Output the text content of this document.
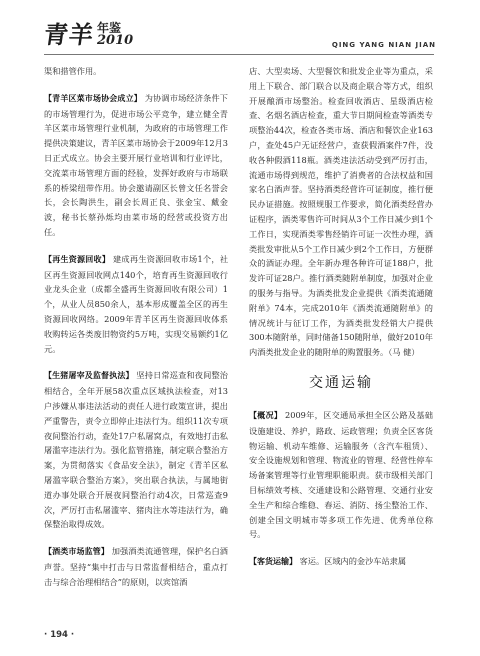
青羊 年鉴
2010	QING YANG NIAN JIAN

渠和措管作用。

【青羊区菜市场协会成立】 为协调市场经济条件下的市场管理行为，促进市场公平竞争，建立健全青羊区菜市场管理行业机制，为政府的市场管理工作提供决策建议，青羊区菜市场协会于2009年12月3日正式成立。协会主要开展行业培训和行业评比，交流菜市场管理方面的经验，发挥好政府与市场联系的桥梁纽带作用。协会邀请副区长曾文任名誉会长，会长陶洪生，副会长周正良、张金宝、戴金波，秘书长蔡孙烁均由菜市场的经营或投资方出任。

【再生资源回收】 建成再生资源回收市场1个，社区再生资源回收网点140个，培育再生资源回收行业龙头企业（成都全盛再生资源回收有限公司）1个，从业人员850余人，基本形成覆盖全区的再生资源回收网络。2009年青羊区再生资源回收体系收购转运各类废旧物资约5万吨，实现交易额约1亿元。

【生猪屠宰及监督执法】 坚持日常巡查和夜间整治相结合，全年开展58次重点区域执法检查，对13户涉嫌从事违法活动的责任人进行政策宣讲，提出严重警告，责令立即停止违法行为。组织11次专项夜间整治行动，查处17户私屠窝点，有效地打击私屠滥宰违法行为。强化监管措施，制定联合整治方案，为贯彻落实《食品安全法》，制定《青羊区私屠滥宰联合整治方案》，突出联合执法，与属地街道办事处联合开展夜间整治行动4次，日常巡查9次，严厉打击私屠滥宰、猪肉注水等违法行为，确保整治取得成效。

【酒类市场监管】 加强酒类流通管理，保护名白酒声誉。坚持“集中打击与日常监督相结合，重点打击与综合治理相结合”的原则，以宾馆酒

店、大型卖场、大型餐饮和批发企业等为重点，采用上下联合、部门联合以及商企联合等方式，组织开展酿酒市场整治。检查回收酒店、星级酒店检查、名烟名酒店检查，重大节日期间检查等酒类专项整治44次，检查各类市场、酒店和餐饮企业163户，查处45户无证经营户，查获假酒案件7件，没收各种假酒118瓶。酒类违法活动受到严厉打击，流通市场得到规范，维护了消费者的合法权益和国家名白酒声誉。坚持酒类经营许可证制度，推行便民办证措施。按照规服工作要求，简化酒类经营办证程序，酒类零售许可时间从3个工作日减少到1个工作日，实现酒类零售经销许可证一次性办理，酒类批发审批从5个工作日减少到2个工作日，方便群众的酒证办理。全年新办理各种许可证188户，批发许可证28户。推行酒类随附单制度，加强对企业的服务与指导。为酒类批发企业提供《酒类流通随附单》74本，完成2010年《酒类流通随附单》的情况统计与征订工作，为酒类批发经销大户提供300本随附单，同时储备150随附单，做好2010年内酒类批发企业的随附单的购置服务。（马 健）

交通运输

【概况】 2009年，区交通局承担全区公路及基础设施建设、养护，路政、运政管理；负责全区客货物运输、机动车维修、运输服务（含汽车租赁）、安全设施规划和管理、物流业的管理、经营性停车场备案管理等行业管理职能职责。获市级相关部门目标绩效考核、交通建设和公路管理、交通行业安全生产和综合维稳、春运、消防、扬尘整治工作、创建全国文明城市等多项工作先进、优秀单位称号。

【客货运输】 客运。区域内的金沙车站隶属

· 194 ·
